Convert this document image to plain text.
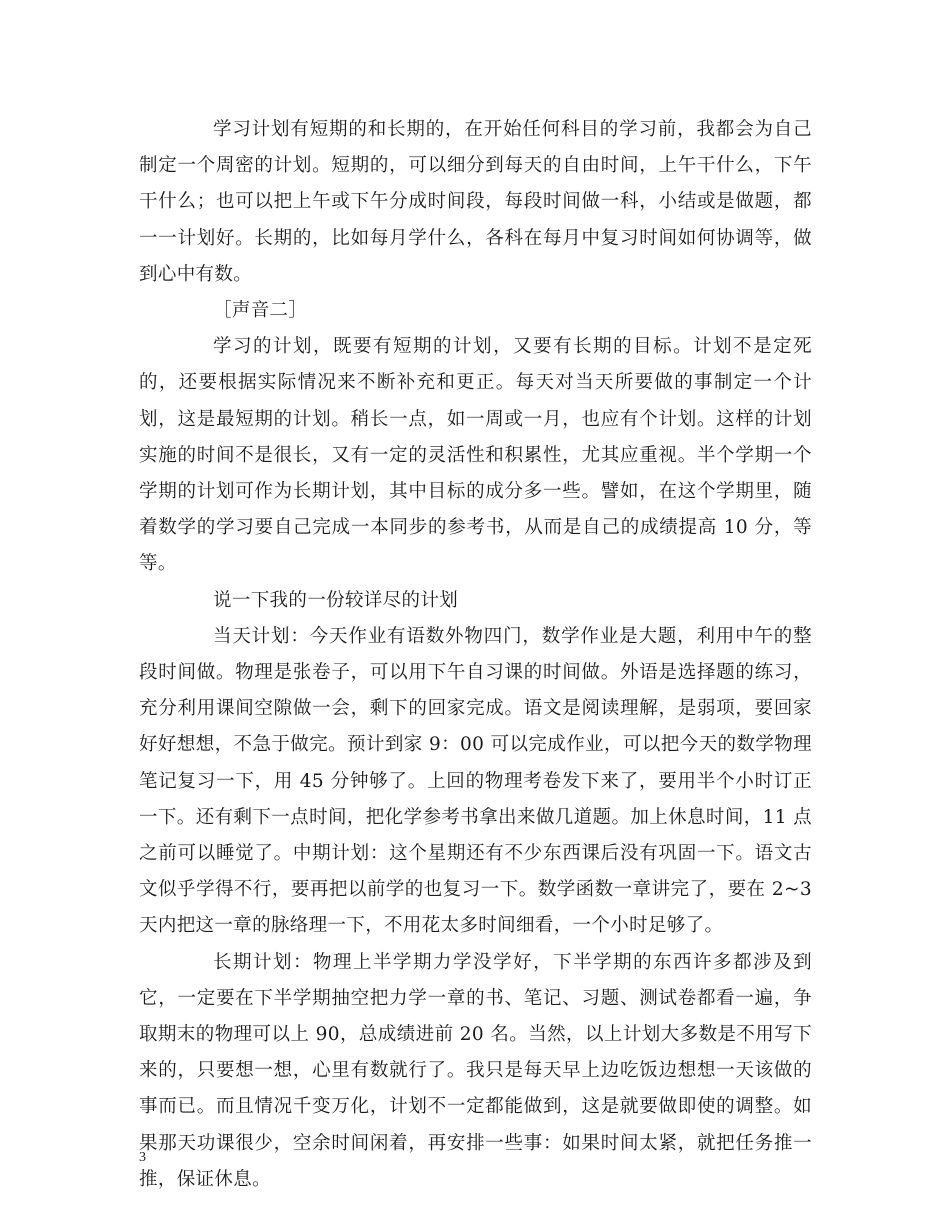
学习计划有短期的和长期的，在开始任何科目的学习前，我都会为自己制定一个周密的计划。短期的，可以细分到每天的自由时间，上午干什么，下午干什么；也可以把上午或下午分成时间段，每段时间做一科，小结或是做题，都一一计划好。长期的，比如每月学什么，各科在每月中复习时间如何协调等，做到心中有数。

［声音二］

学习的计划，既要有短期的计划，又要有长期的目标。计划不是定死的，还要根据实际情况来不断补充和更正。每天对当天所要做的事制定一个计划，这是最短期的计划。稍长一点，如一周或一月，也应有个计划。这样的计划实施的时间不是很长，又有一定的灵活性和积累性，尤其应重视。半个学期一个学期的计划可作为长期计划，其中目标的成分多一些。譬如，在这个学期里，随着数学的学习要自己完成一本同步的参考书，从而是自己的成绩提高 10 分，等等。

说一下我的一份较详尽的计划

当天计划：今天作业有语数外物四门，数学作业是大题，利用中午的整段时间做。物理是张卷子，可以用下午自习课的时间做。外语是选择题的练习，充分利用课间空隙做一会，剩下的回家完成。语文是阅读理解，是弱项，要回家好好想想，不急于做完。预计到家 9：00 可以完成作业，可以把今天的数学物理笔记复习一下，用 45 分钟够了。上回的物理考卷发下来了，要用半个小时订正一下。还有剩下一点时间，把化学参考书拿出来做几道题。加上休息时间，11 点之前可以睡觉了。中期计划：这个星期还有不少东西课后没有巩固一下。语文古文似乎学得不行，要再把以前学的也复习一下。数学函数一章讲完了，要在 2~3 天内把这一章的脉络理一下，不用花太多时间细看，一个小时足够了。

长期计划：物理上半学期力学没学好，下半学期的东西许多都涉及到它，一定要在下半学期抽空把力学一章的书、笔记、习题、测试卷都看一遍，争取期末的物理可以上 90，总成绩进前 20 名。当然，以上计划大多数是不用写下来的，只要想一想，心里有数就行了。我只是每天早上边吃饭边想想一天该做的事而已。而且情况千变万化，计划不一定都能做到，这是就要做即使的调整。如果那天功课很少，空余时间闲着，再安排一些事：如果时间太紧，就把任务推一推，保证休息。

3
